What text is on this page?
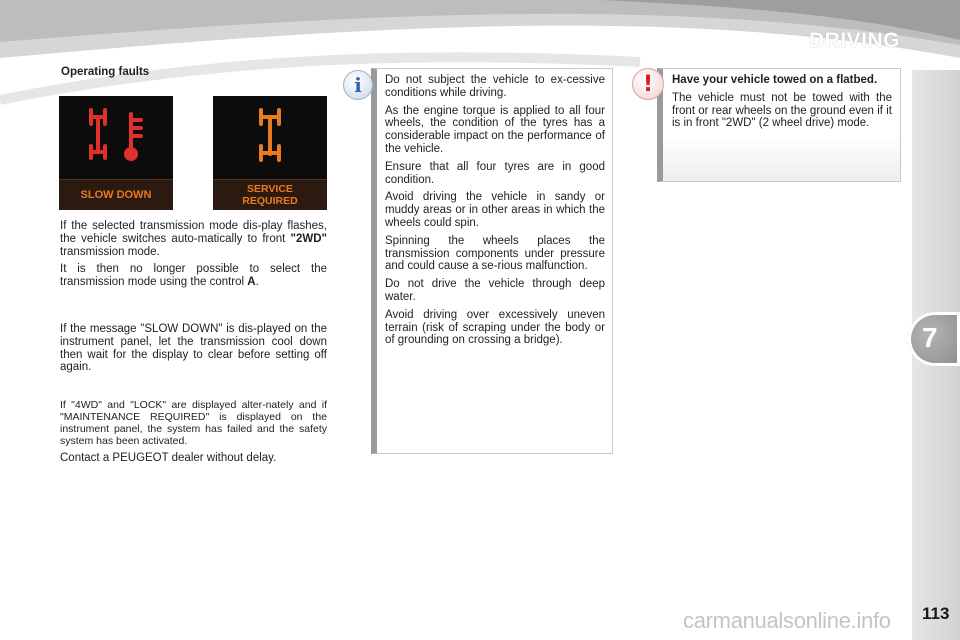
DRIVING
7
113
Operating faults
SLOW DOWN	SERVICE REQUIRED

If the selected transmission mode dis-play flashes, the vehicle switches auto-matically to front "2WD" transmission mode.

It is then no longer possible to select the transmission mode using the control A.

If the message "SLOW DOWN" is dis-played on the instrument panel, let the transmission cool down then wait for the display to clear before setting off again.

If "4WD" and "LOCK" are displayed alter-nately and if "MAINTENANCE REQUIRED" is displayed on the instrument panel, the system has failed and the safety system has been activated.

Contact a PEUGEOT dealer without delay.

i	Do not subject the vehicle to ex-cessive conditions while driving.

As the engine torque is applied to all four wheels, the condition of the tyres has a considerable impact on the performance of the vehicle.

Ensure that all four tyres are in good condition.

Avoid driving the vehicle in sandy or muddy areas or in other areas in which the wheels could spin.

Spinning the wheels places the transmission components under pressure and could cause a se-rious malfunction.

Do not drive the vehicle through deep water.

Avoid driving over excessively uneven terrain (risk of scraping under the body or of grounding on crossing a bridge).

!	Have your vehicle towed on a flatbed.

The vehicle must not be towed with the front or rear wheels on the ground even if it is in front "2WD" (2 wheel drive) mode.

carmanualsonline.info
